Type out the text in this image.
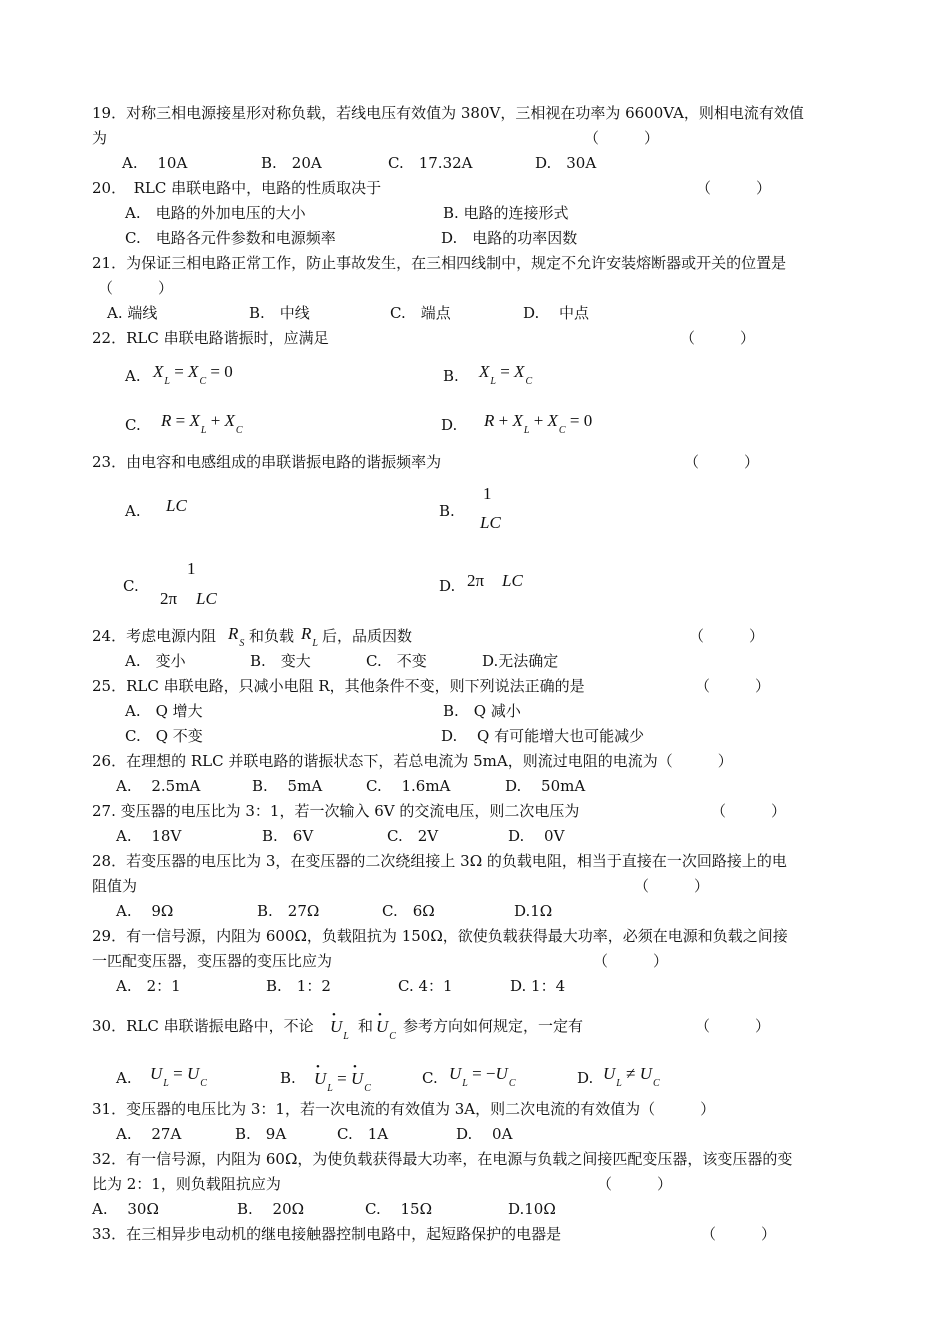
19．对称三相电源接星形对称负载，若线电压有效值为 380V，三相视在功率为 6600VA，则相电流有效值
为	（　　　）
A.　 10A	B.　20A	C.　17.32A	D.　30A
20．　RLC 串联电路中，电路的性质取决于	（　　　）
A.　电路的外加电压的大小	B. 电路的连接形式
C.　电路各元件参数和电源频率	D.　电路的功率因数
21．为保证三相电路正常工作，防止事故发生，在三相四线制中，规定不允许安装熔断器或开关的位置是
（　　　）
A. 端线	B.　中线	C.　端点	D.　 中点
22．RLC 串联电路谐振时，应满足	（　　　）
A. $X_L = X_C = 0$	B. $X_L = X_C$
C. $R = X_L + X_C$	D. $R + X_L + X_C = 0$
23．由电容和电感组成的串联谐振电路的谐振频率为	（　　　）
A. LC	B.
1
LC
C.
1
2π LC
D. 2π LC
24．考虑电源内阻 $R_S$ 和负载 $R_L$ 后，品质因数	（　　　）
A.　变小	B.　变大	C.　不变	D.无法确定
25．RLC 串联电路，只减小电阻 R，其他条件不变，则下列说法正确的是	（　　　）
A.　Q 增大	B.　Q 减小
C.　Q 不变	D.　 Q 有可能增大也可能减少
26．在理想的 RLC 并联电路的谐振状态下，若总电流为 5mA，则流过电阻的电流为（　　　）
A.　 2.5mA	B.　 5mA	C.　 1.6mA	D.　 50mA
27. 变压器的电压比为 3：1，若一次输入 6V 的交流电压，则二次电压为	（　　　）
A.　 18V	B.　6V	C.　2V	D.　 0V
28．若变压器的电压比为 3，在变压器的二次绕组接上 3Ω 的负载电阻，相当于直接在一次回路接上的电
阻值为	（　　　）
A.　 9Ω	B.　27Ω	C.　6Ω	D.1Ω
29．有一信号源，内阻为 600Ω，负载阻抗为 150Ω，欲使负载获得最大功率，必须在电源和负载之间接
一匹配变压器，变压器的变压比应为	（　　　）
A.　2：1	B.　1：2	C. 4：1	D. 1：4
30．RLC 串联谐振电路中，不论 • $U_L$
和 • $U_C$
参考方向如何规定，一定有	（　　　）
A. $U_L = U_C$	B. • $U_L$ = • $U_C$
C. $U_L = -U_C$	D. $U_L \ne U_C$
31．变压器的电压比为 3：1，若一次电流的有效值为 3A，则二次电流的有效值为（　　　）
A.　 27A	B.　9A	C.　1A	D.　 0A
32．有一信号源，内阻为 60Ω，为使负载获得最大功率，在电源与负载之间接匹配变压器，该变压器的变
比为 2：1，则负载阻抗应为	（　　　）
A.　 30Ω	B.　 20Ω	C.　 15Ω	D.10Ω
33．在三相异步电动机的继电接触器控制电路中，起短路保护的电器是	（　　　）
